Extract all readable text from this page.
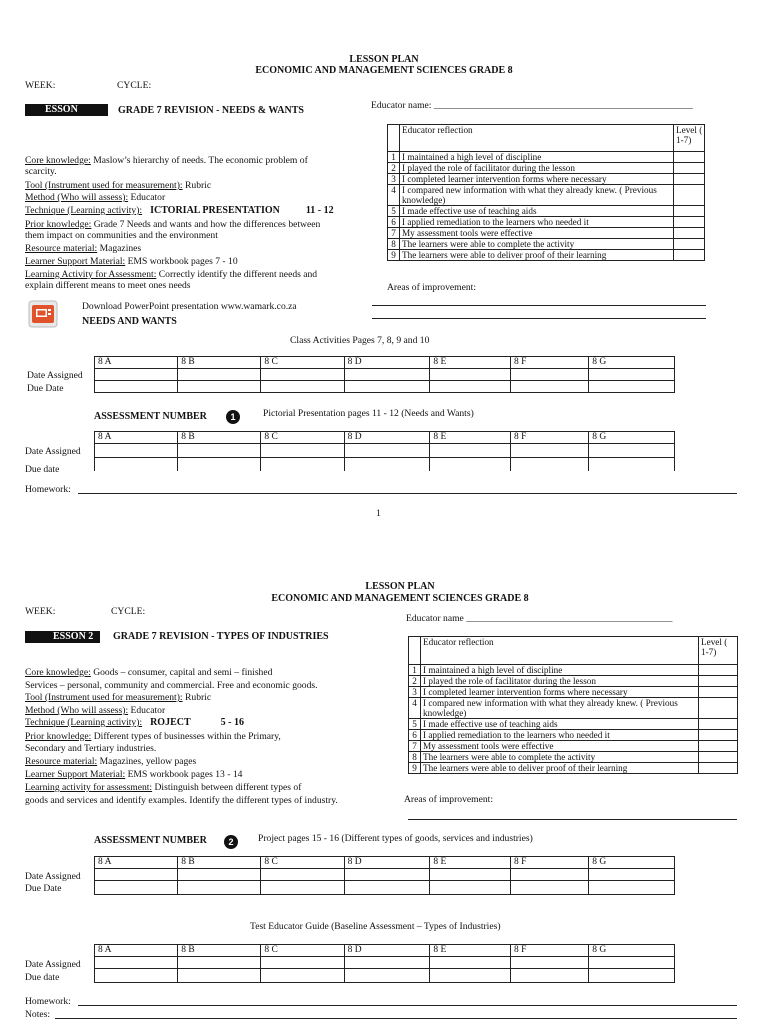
LESSON PLAN
ECONOMIC AND MANAGEMENT SCIENCES GRADE 8
WEEK:	CYCLE:
ESSON	GRADE 7 REVISION - NEEDS & WANTS	Educator name: ______________________________________________________
Core knowledge: Maslow’s hierarchy of needs. The economic problem of
scarcity.
Tool (Instrument used for measurement): Rubric
Method (Who will assess): Educator
Technique (Learning activity): ICTORIAL PRESENTATION	11 - 12
Prior knowledge: Grade 7 Needs and wants and how the differences between
them impact on communities and the environment
Resource material: Magazines
Learner Support Material: EMS workbook pages 7 - 10
Learning Activity for Assessment: Correctly identify the different needs and
explain different means to meet ones needs
	Educator reflection	Level ( 1-7)
1	I maintained a high level of discipline	
2	I played the role of facilitator during the lesson	
3	I completed learner intervention forms where necessary	
4	I compared new information with what they already knew. ( Previous knowledge)	
5	I made effective use of teaching aids	
6	I applied remediation to the learners who needed it	
7	My assessment tools were effective	
8	The learners were able to complete the activity	
9	The learners were able to deliver proof of their learning	
Areas of improvement:
Download PowerPoint presentation www.wamark.co.za
NEEDS AND WANTS
Class Activities Pages 7, 8, 9 and 10
8 A	8 B	8 C	8 D	8 E	8 F	8 G

Date Assigned
Due Date
ASSESSMENT NUMBER	1	Pictorial Presentation pages 11 - 12 (Needs and Wants)
8 A	8 B	8 C	8 D	8 E	8 F	8 G

Date Assigned
Due date
Homework:
1
LESSON PLAN
ECONOMIC AND MANAGEMENT SCIENCES GRADE 8
WEEK:	CYCLE:
ESSON 2	GRADE 7 REVISION - TYPES OF INDUSTRIES
Educator name ___________________________________________
Core knowledge: Goods – consumer, capital and semi – finished
Services – personal, community and commercial. Free and economic goods.
Tool (Instrument used for measurement): Rubric
Method (Who will assess): Educator
Technique (Learning activity): ROJECT	5 - 16
Prior knowledge: Different types of businesses within the Primary,
Secondary and Tertiary industries.
Resource material: Magazines, yellow pages
Learner Support Material: EMS workbook pages 13 - 14
Learning activity for assessment: Distinguish between different types of
goods and services and identify examples. Identify the different types of industry.
	Educator reflection	Level ( 1-7)
1	I maintained a high level of discipline	
2	I played the role of facilitator during the lesson	
3	I completed learner intervention forms where necessary	
4	I compared new information with what they already knew. ( Previous knowledge)	
5	I made effective use of teaching aids	
6	I applied remediation to the learners who needed it	
7	My assessment tools were effective	
8	The learners were able to complete the activity	
9	The learners were able to deliver proof of their learning	
Areas of improvement:
ASSESSMENT NUMBER	2	Project pages 15 - 16 (Different types of goods, services and industries)
8 A	8 B	8 C	8 D	8 E	8 F	8 G

Date Assigned
Due Date
Test Educator Guide (Baseline Assessment – Types of Industries)
8 A	8 B	8 C	8 D	8 E	8 F	8 G

Date Assigned
Due date
Homework:
Notes:
